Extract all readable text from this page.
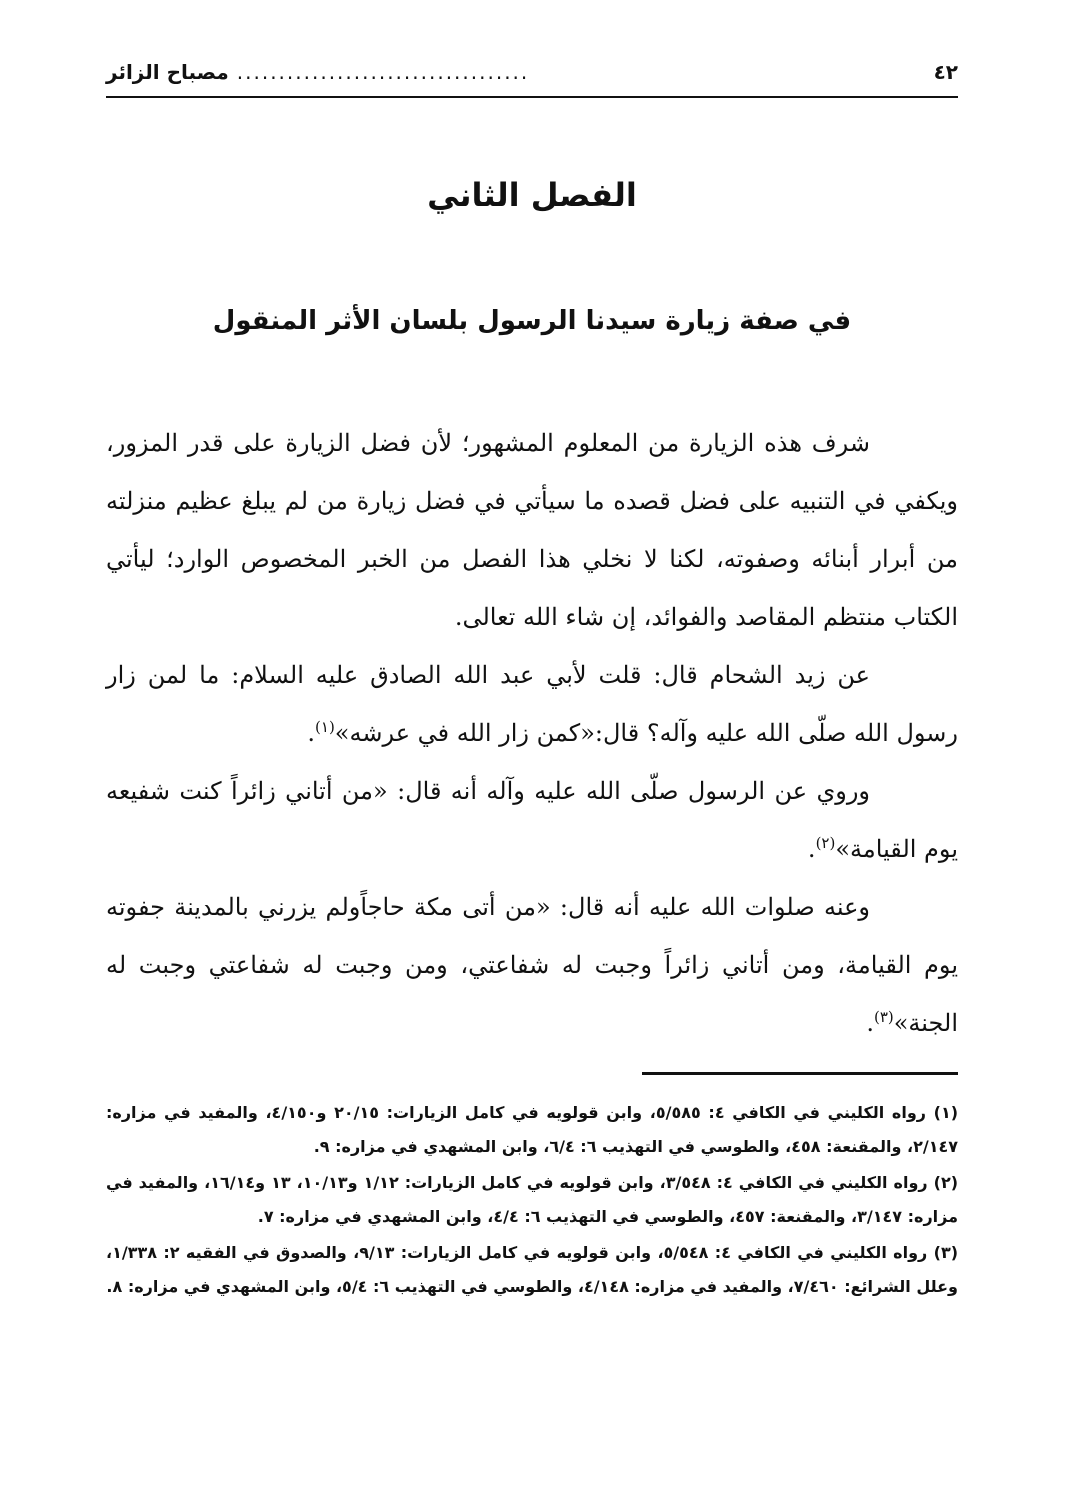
٤٢
...................................
مصباح الزائر
الفصل الثاني
في صفة زيارة سيدنا الرسول بلسان الأثر المنقول

شرف هذه الزيارة من المعلوم المشهور؛ لأن فضل الزيارة على قدر المزور، ويكفي في التنبيه على فضل قصده ما سيأتي في فضل زيارة من لم يبلغ عظيم منزلته من أبرار أبنائه وصفوته، لكنا لا نخلي هذا الفصل من الخبر المخصوص الوارد؛ ليأتي الكتاب منتظم المقاصد والفوائد، إن شاء الله تعالى.

عن زيد الشحام قال: قلت لأبي عبد الله الصادق عليه السلام: ما لمن زار رسول الله صلّى الله عليه وآله؟ قال:«كمن زار الله في عرشه»$^{(١)}$.

وروي عن الرسول صلّى الله عليه وآله أنه قال: «من أتاني زائراً كنت شفيعه يوم القيامة»$^{(٢)}$.

وعنه صلوات الله عليه أنه قال: «من أتى مكة حاجاًولم يزرني بالمدينة جفوته يوم القيامة، ومن أتاني زائراً وجبت له شفاعتي، ومن وجبت له شفاعتي وجبت له الجنة»$^{(٣)}$.

(١) رواه الكليني في الكافي ٤: ٥/٥٨٥، وابن قولويه في كامل الزيارات: ٢٠/١٥ و٤/١٥٠، والمفيد في مزاره: ٢/١٤٧، والمقنعة: ٤٥٨، والطوسي في التهذيب ٦: ٦/٤، وابن المشهدي في مزاره: ٩.

(٢) رواه الكليني في الكافي ٤: ٣/٥٤٨، وابن قولويه في كامل الزيارات: ١/١٢ و١٠/١٣، ١٣ و١٦/١٤، والمفيد في مزاره: ٣/١٤٧، والمقنعة: ٤٥٧، والطوسي في التهذيب ٦: ٤/٤، وابن المشهدي في مزاره: ٧.

(٣) رواه الكليني في الكافي ٤: ٥/٥٤٨، وابن قولويه في كامل الزيارات: ٩/١٣، والصدوق في الفقيه ٢: ١/٣٣٨، وعلل الشرائع: ٧/٤٦٠، والمفيد في مزاره: ٤/١٤٨، والطوسي في التهذيب ٦: ٥/٤، وابن المشهدي في مزاره: ٨.
